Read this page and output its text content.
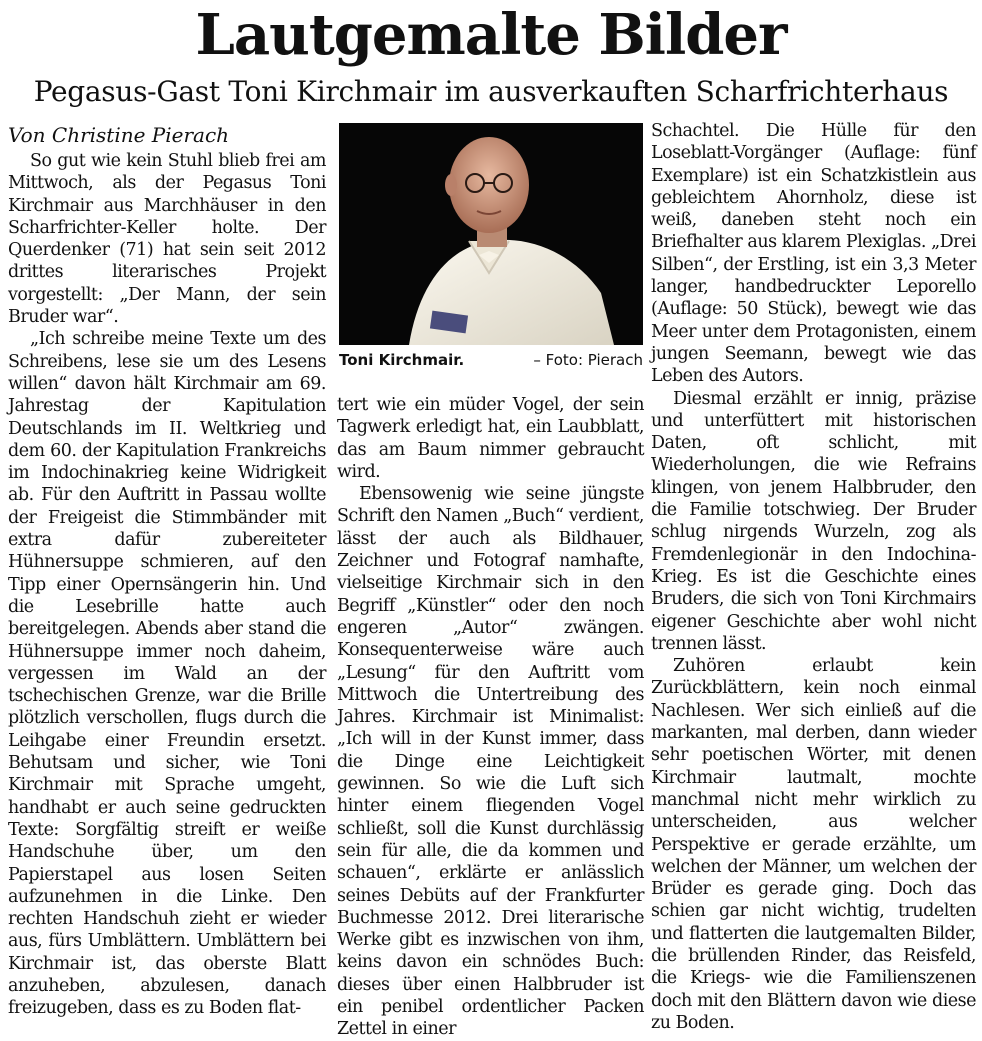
Lautgemalte Bilder
Pegasus-Gast Toni Kirchmair im ausverkauften Scharfrichterhaus
Von Christine Pierach

So gut wie kein Stuhl blieb frei am Mittwoch, als der Pegasus Toni Kirchmair aus Marchhäuser in den Scharfrichter-Keller holte. Der Querdenker (71) hat sein seit 2012 drittes literarisches Projekt vorgestellt: „Der Mann, der sein Bruder war“.

„Ich schreibe meine Texte um des Schreibens, lese sie um des Lesens willen“ davon hält Kirchmair am 69. Jahrestag der Kapitulation Deutschlands im II. Weltkrieg und dem 60. der Kapitulation Frankreichs im Indochinakrieg keine Widrigkeit ab. Für den Auftritt in Passau wollte der Freigeist die Stimmbänder mit extra dafür zubereiteter Hühnersuppe schmieren, auf den Tipp einer Opernsängerin hin. Und die Lesebrille hatte auch bereitgelegen. Abends aber stand die Hühnersuppe immer noch daheim, vergessen im Wald an der tschechischen Grenze, war die Brille plötzlich verschollen, flugs durch die Leihgabe einer Freundin ersetzt. Behutsam und sicher, wie Toni Kirchmair mit Sprache umgeht, handhabt er auch seine gedruckten Texte: Sorgfältig streift er weiße Handschuhe über, um den Papierstapel aus losen Seiten aufzunehmen in die Linke. Den rechten Handschuh zieht er wieder aus, fürs Umblättern. Umblättern bei Kirchmair ist, das oberste Blatt anzuheben, abzulesen, danach freizugeben, dass es zu Boden flat-

Toni Kirchmair.	– Foto: Pierach

tert wie ein müder Vogel, der sein Tagwerk erledigt hat, ein Laubblatt, das am Baum nimmer gebraucht wird.

Ebensowenig wie seine jüngste Schrift den Namen „Buch“ verdient, lässt der auch als Bildhauer, Zeichner und Fotograf namhafte, vielseitige Kirchmair sich in den Begriff „Künstler“ oder den noch engeren „Autor“ zwängen. Konsequenterweise wäre auch „Lesung“ für den Auftritt vom Mittwoch die Untertreibung des Jahres. Kirchmair ist Minimalist: „Ich will in der Kunst immer, dass die Dinge eine Leichtigkeit gewinnen. So wie die Luft sich hinter einem fliegenden Vogel schließt, soll die Kunst durchlässig sein für alle, die da kommen und schauen“, erklärte er anlässlich seines Debüts auf der Frankfurter Buchmesse 2012. Drei literarische Werke gibt es inzwischen von ihm, keins davon ein schnödes Buch: dieses über einen Halbbruder ist ein penibel ordentlicher Packen Zettel in einer

Schachtel. Die Hülle für den Loseblatt-Vorgänger (Auflage: fünf Exemplare) ist ein Schatzkistlein aus gebleichtem Ahornholz, diese ist weiß, daneben steht noch ein Briefhalter aus klarem Plexiglas. „Drei Silben“, der Erstling, ist ein 3,3 Meter langer, handbedruckter Leporello (Auflage: 50 Stück), bewegt wie das Meer unter dem Protagonisten, einem jungen Seemann, bewegt wie das Leben des Autors.

Diesmal erzählt er innig, präzise und unterfüttert mit historischen Daten, oft schlicht, mit Wiederholungen, die wie Refrains klingen, von jenem Halbbruder, den die Familie totschwieg. Der Bruder schlug nirgends Wurzeln, zog als Fremdenlegionär in den Indochina-Krieg. Es ist die Geschichte eines Bruders, die sich von Toni Kirchmairs eigener Geschichte aber wohl nicht trennen lässt.

Zuhören erlaubt kein Zurückblättern, kein noch einmal Nachlesen. Wer sich einließ auf die markanten, mal derben, dann wieder sehr poetischen Wörter, mit denen Kirchmair lautmalt, mochte manchmal nicht mehr wirklich zu unterscheiden, aus welcher Perspektive er gerade erzählte, um welchen der Männer, um welchen der Brüder es gerade ging. Doch das schien gar nicht wichtig, trudelten und flatterten die lautgemalten Bilder, die brüllenden Rinder, das Reisfeld, die Kriegs- wie die Familienszenen doch mit den Blättern davon wie diese zu Boden.
